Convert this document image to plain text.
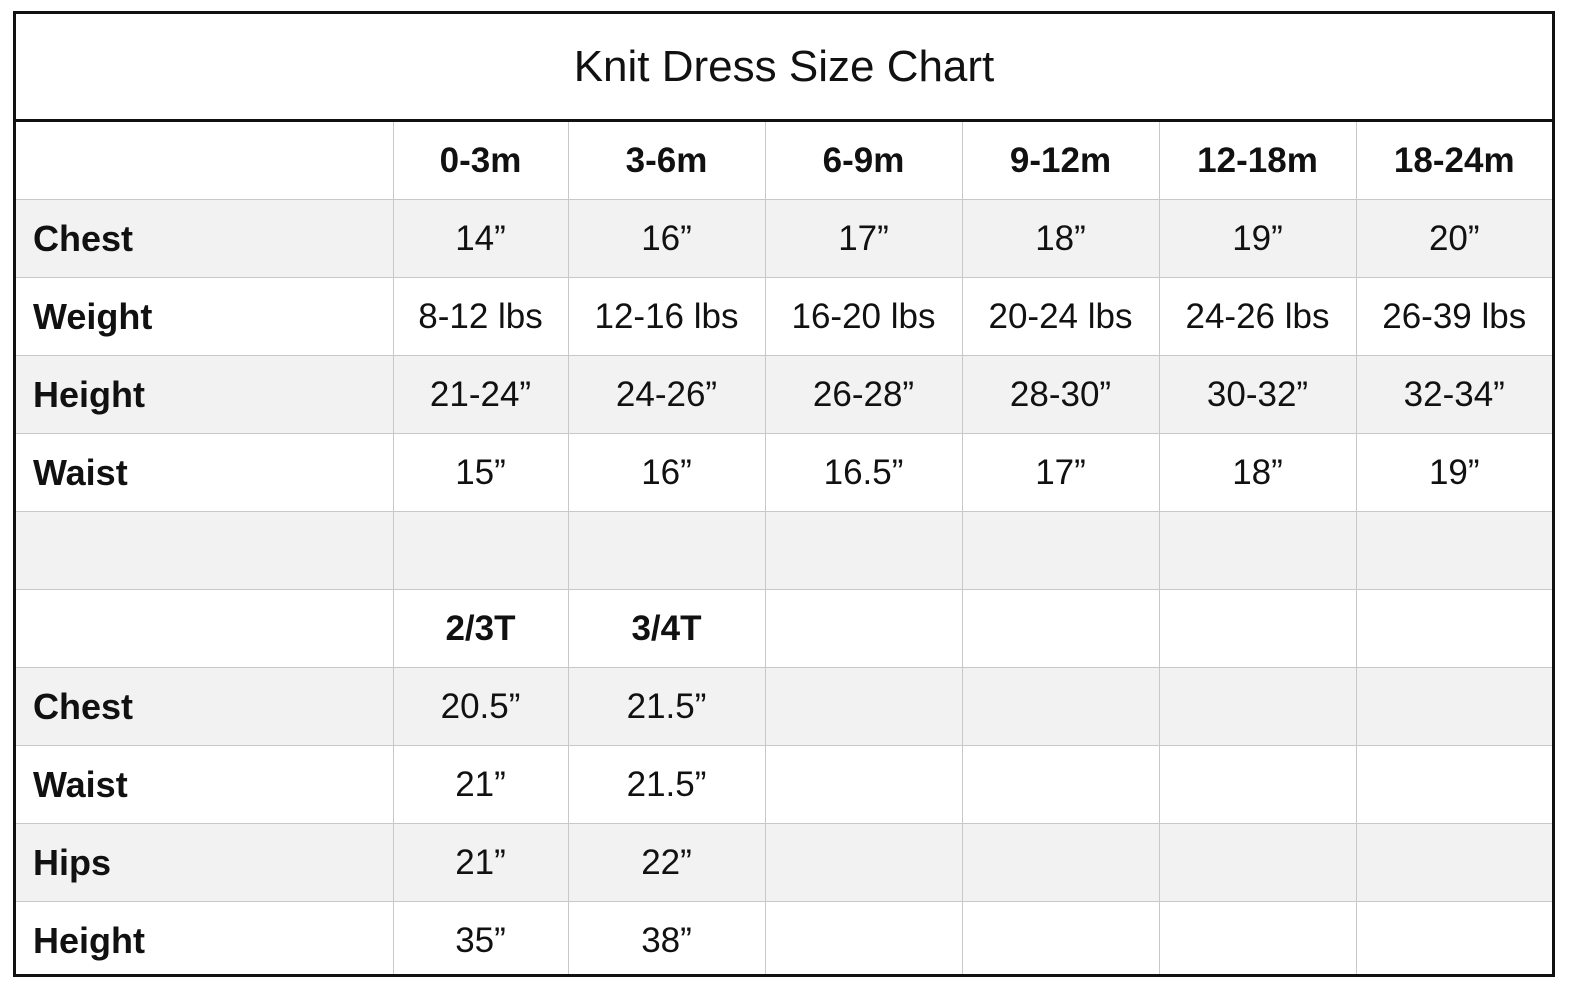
Knit Dress Size Chart
	0-3m	3-6m	6-9m	9-12m	12-18m	18-24m
Chest	14”	16”	17”	18”	19”	20”
Weight	8-12 lbs	12-16 lbs	16-20 lbs	20-24 lbs	24-26 lbs	26-39 lbs
Height	21-24”	24-26”	26-28”	28-30”	30-32”	32-34”
Waist	15”	16”	16.5”	17”	18”	19”

	2/3T	3/4T				
Chest	20.5”	21.5”				
Waist	21”	21.5”				
Hips	21”	22”				
Height	35”	38”				
